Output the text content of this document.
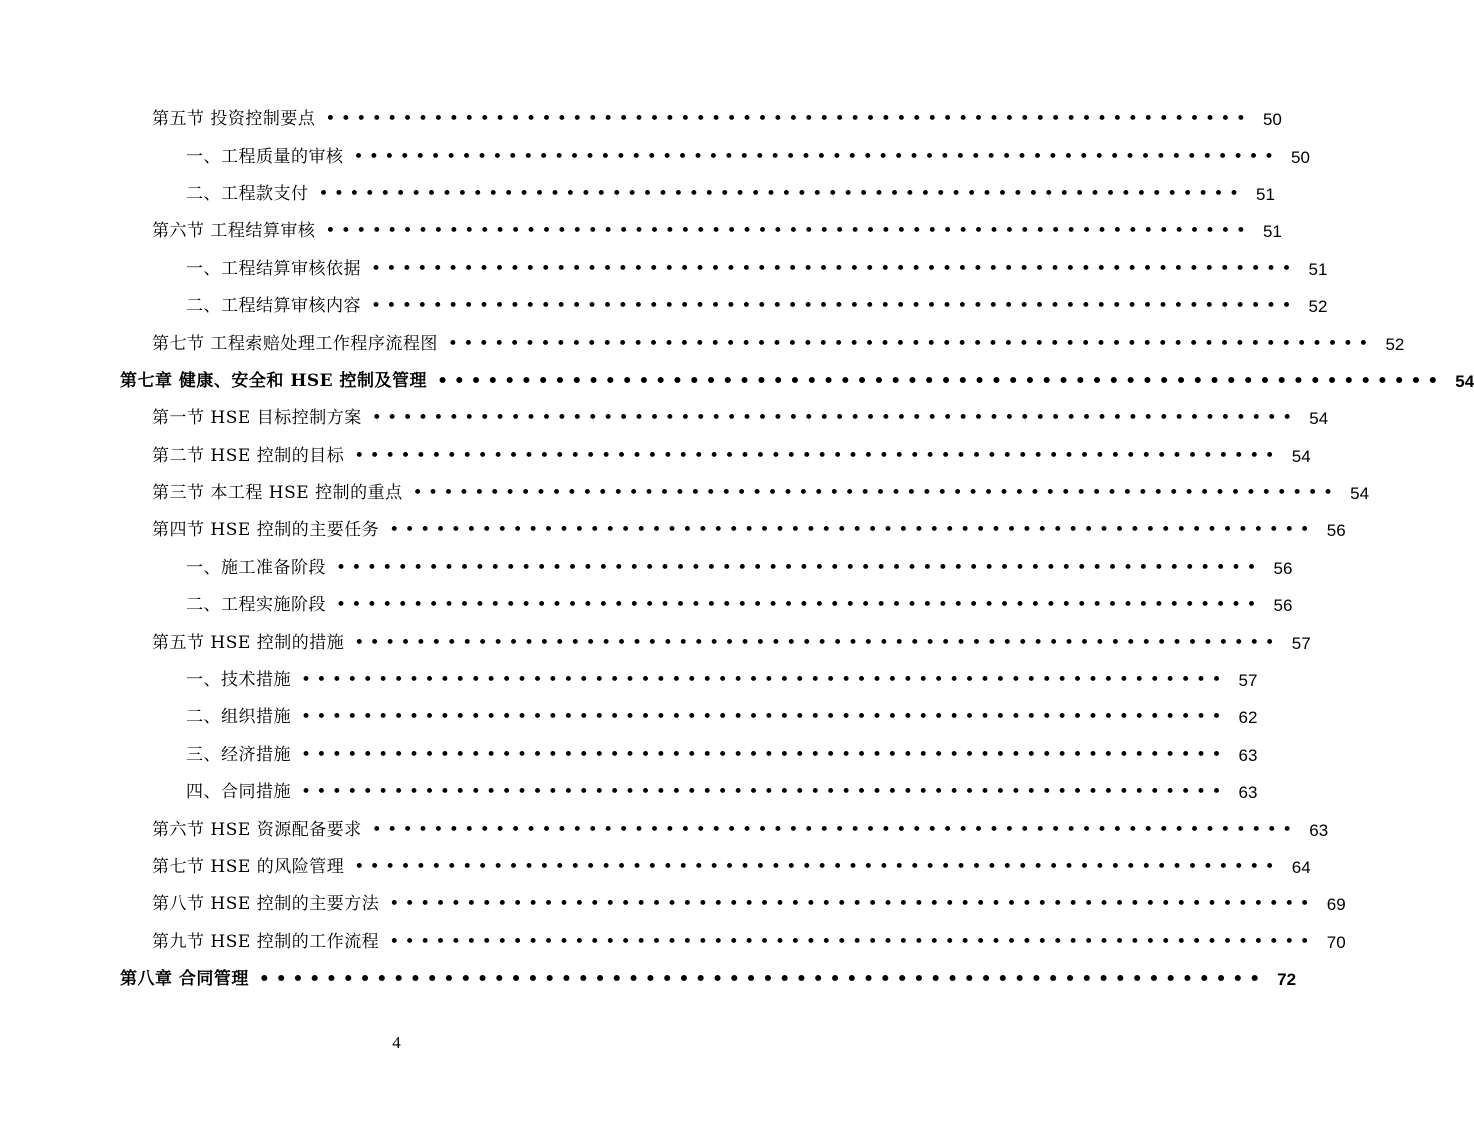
第五节 投资控制要点 • • • • • • • • • • • • • • • • • • • • • • • • • • • • • • • • • • • • • • • • • • • • • • • • • • • • • • • • • • • • 50
一、工程质量的审核 • • • • • • • • • • • • • • • • • • • • • • • • • • • • • • • • • • • • • • • • • • • • • • • • • • • • • • • • • • • • 50
二、工程款支付 • • • • • • • • • • • • • • • • • • • • • • • • • • • • • • • • • • • • • • • • • • • • • • • • • • • • • • • • • • • • 51
第六节 工程结算审核 • • • • • • • • • • • • • • • • • • • • • • • • • • • • • • • • • • • • • • • • • • • • • • • • • • • • • • • • • • • • 51
一、工程结算审核依据 • • • • • • • • • • • • • • • • • • • • • • • • • • • • • • • • • • • • • • • • • • • • • • • • • • • • • • • • • • • • 51
二、工程结算审核内容 • • • • • • • • • • • • • • • • • • • • • • • • • • • • • • • • • • • • • • • • • • • • • • • • • • • • • • • • • • • • 52
第七节 工程索赔处理工作程序流程图 • • • • • • • • • • • • • • • • • • • • • • • • • • • • • • • • • • • • • • • • • • • • • • • • • • • • • • • • • • • • 52
第七章 健康、安全和 HSE 控制及管理 • • • • • • • • • • • • • • • • • • • • • • • • • • • • • • • • • • • • • • • • • • • • • • • • • • • • • • • • • • • • 54
第一节 HSE 目标控制方案 • • • • • • • • • • • • • • • • • • • • • • • • • • • • • • • • • • • • • • • • • • • • • • • • • • • • • • • • • • • • 54
第二节 HSE 控制的目标 • • • • • • • • • • • • • • • • • • • • • • • • • • • • • • • • • • • • • • • • • • • • • • • • • • • • • • • • • • • • 54
第三节 本工程 HSE 控制的重点 • • • • • • • • • • • • • • • • • • • • • • • • • • • • • • • • • • • • • • • • • • • • • • • • • • • • • • • • • • • • 54
第四节 HSE 控制的主要任务 • • • • • • • • • • • • • • • • • • • • • • • • • • • • • • • • • • • • • • • • • • • • • • • • • • • • • • • • • • • • 56
一、施工准备阶段 • • • • • • • • • • • • • • • • • • • • • • • • • • • • • • • • • • • • • • • • • • • • • • • • • • • • • • • • • • • • 56
二、工程实施阶段 • • • • • • • • • • • • • • • • • • • • • • • • • • • • • • • • • • • • • • • • • • • • • • • • • • • • • • • • • • • • 56
第五节 HSE 控制的措施 • • • • • • • • • • • • • • • • • • • • • • • • • • • • • • • • • • • • • • • • • • • • • • • • • • • • • • • • • • • • 57
一、技术措施 • • • • • • • • • • • • • • • • • • • • • • • • • • • • • • • • • • • • • • • • • • • • • • • • • • • • • • • • • • • • 57
二、组织措施 • • • • • • • • • • • • • • • • • • • • • • • • • • • • • • • • • • • • • • • • • • • • • • • • • • • • • • • • • • • • 62
三、经济措施 • • • • • • • • • • • • • • • • • • • • • • • • • • • • • • • • • • • • • • • • • • • • • • • • • • • • • • • • • • • • 63
四、合同措施 • • • • • • • • • • • • • • • • • • • • • • • • • • • • • • • • • • • • • • • • • • • • • • • • • • • • • • • • • • • • 63
第六节 HSE 资源配备要求 • • • • • • • • • • • • • • • • • • • • • • • • • • • • • • • • • • • • • • • • • • • • • • • • • • • • • • • • • • • • 63
第七节 HSE 的风险管理 • • • • • • • • • • • • • • • • • • • • • • • • • • • • • • • • • • • • • • • • • • • • • • • • • • • • • • • • • • • • 64
第八节 HSE 控制的主要方法 • • • • • • • • • • • • • • • • • • • • • • • • • • • • • • • • • • • • • • • • • • • • • • • • • • • • • • • • • • • • 69
第九节 HSE 控制的工作流程 • • • • • • • • • • • • • • • • • • • • • • • • • • • • • • • • • • • • • • • • • • • • • • • • • • • • • • • • • • • • 70
第八章 合同管理 • • • • • • • • • • • • • • • • • • • • • • • • • • • • • • • • • • • • • • • • • • • • • • • • • • • • • • • • • • • • 72
4
